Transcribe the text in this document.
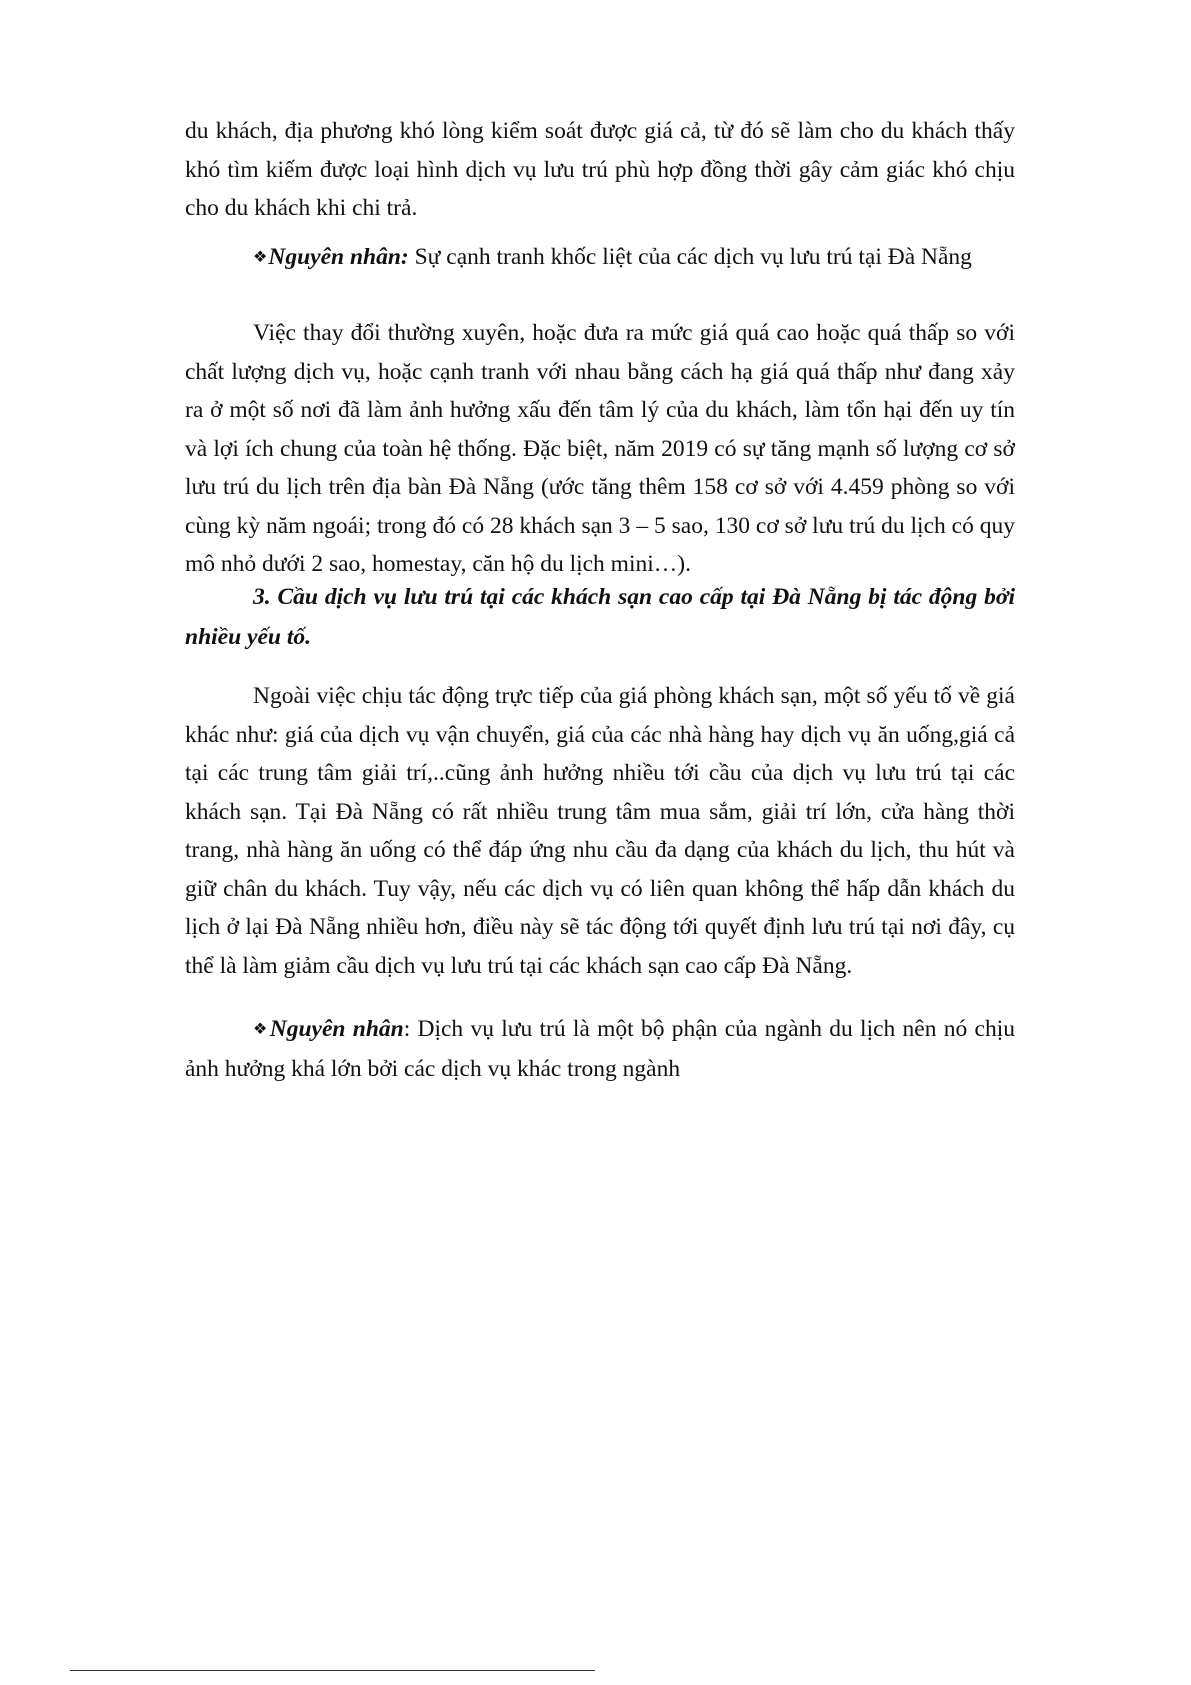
du khách, địa phương khó lòng kiểm soát được giá cả, từ đó sẽ làm cho du khách thấy khó tìm kiếm được loại hình dịch vụ lưu trú phù hợp đồng thời gây cảm giác khó chịu cho du khách khi chi trả.

❖Nguyên nhân: Sự cạnh tranh khốc liệt của các dịch vụ lưu trú tại Đà Nẵng

Việc thay đổi thường xuyên, hoặc đưa ra mức giá quá cao hoặc quá thấp so với chất lượng dịch vụ, hoặc cạnh tranh với nhau bằng cách hạ giá quá thấp như đang xảy ra ở một số nơi đã làm ảnh hưởng xấu đến tâm lý của du khách, làm tổn hại đến uy tín và lợi ích chung của toàn hệ thống. Đặc biệt, năm 2019 có sự tăng mạnh số lượng cơ sở lưu trú du lịch trên địa bàn Đà Nẵng (ước tăng thêm 158 cơ sở với 4.459 phòng so với cùng kỳ năm ngoái; trong đó có 28 khách sạn 3 – 5 sao, 130 cơ sở lưu trú du lịch có quy mô nhỏ dưới 2 sao, homestay, căn hộ du lịch mini…).

3. Cầu dịch vụ lưu trú tại các khách sạn cao cấp tại Đà Nẵng bị tác động bởi nhiều yếu tố.

Ngoài việc chịu tác động trực tiếp của giá phòng khách sạn, một số yếu tố về giá khác như: giá của dịch vụ vận chuyển, giá của các nhà hàng hay dịch vụ ăn uống,giá cả tại các trung tâm giải trí,..cũng ảnh hưởng nhiều tới cầu của dịch vụ lưu trú tại các khách sạn. Tại Đà Nẵng có rất nhiều trung tâm mua sắm, giải trí lớn, cửa hàng thời trang, nhà hàng ăn uống có thể đáp ứng nhu cầu đa dạng của khách du lịch, thu hút và giữ chân du khách. Tuy vậy, nếu các dịch vụ có liên quan không thể hấp dẫn khách du lịch ở lại Đà Nẵng nhiều hơn, điều này sẽ tác động tới quyết định lưu trú tại nơi đây, cụ thể là làm giảm cầu dịch vụ lưu trú tại các khách sạn cao cấp Đà Nẵng.

❖Nguyên nhân: Dịch vụ lưu trú là một bộ phận của ngành du lịch nên nó chịu ảnh hưởng khá lớn bởi các dịch vụ khác trong ngành
